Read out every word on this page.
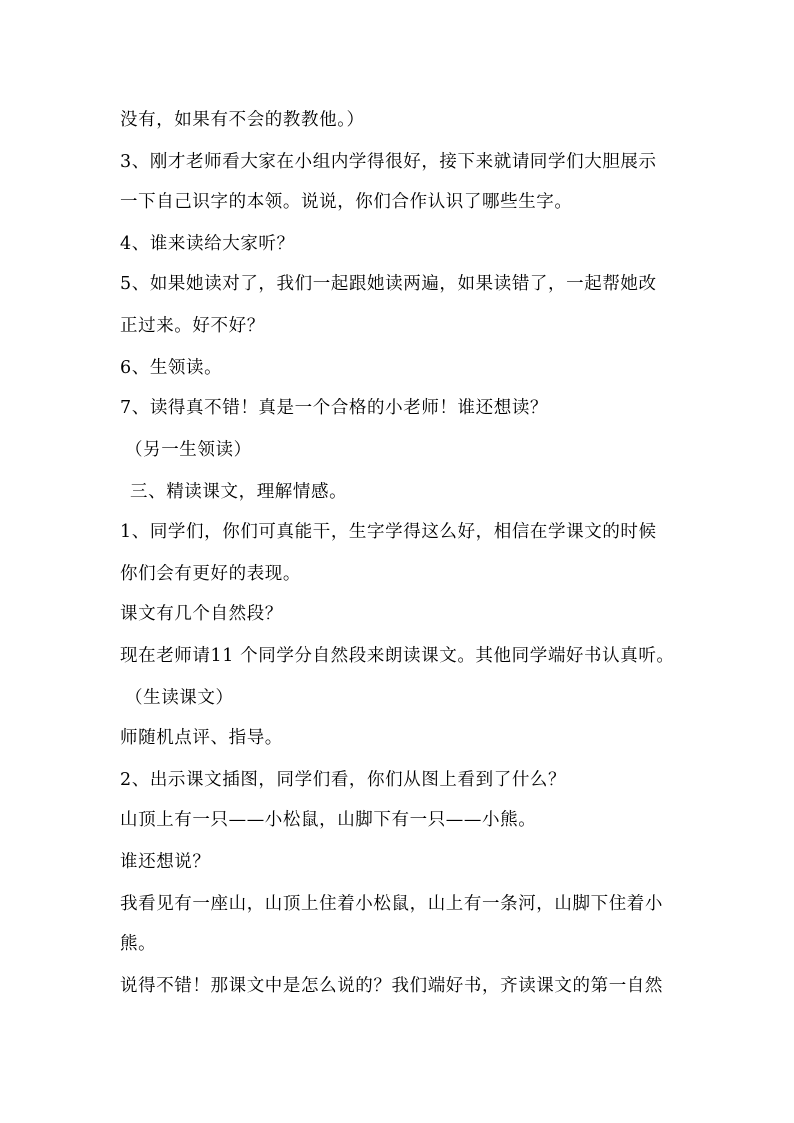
没有，如果有不会的教教他。）
3、刚才老师看大家在小组内学得很好，接下来就请同学们大胆展示
一下自己识字的本领。说说，你们合作认识了哪些生字。
4、谁来读给大家听？
5、如果她读对了，我们一起跟她读两遍，如果读错了，一起帮她改
正过来。好不好？
6、生领读。
7、读得真不错！真是一个合格的小老师！谁还想读？
（另一生领读）
三、精读课文，理解情感。
1、同学们，你们可真能干，生字学得这么好，相信在学课文的时候
你们会有更好的表现。
课文有几个自然段？
现在老师请11 个同学分自然段来朗读课文。其他同学端好书认真听。
（生读课文）
师随机点评、指导。
2、出示课文插图，同学们看，你们从图上看到了什么？
山顶上有一只——小松鼠，山脚下有一只——小熊。
谁还想说？
我看见有一座山，山顶上住着小松鼠，山上有一条河，山脚下住着小
熊。
说得不错！那课文中是怎么说的？我们端好书，齐读课文的第一自然
